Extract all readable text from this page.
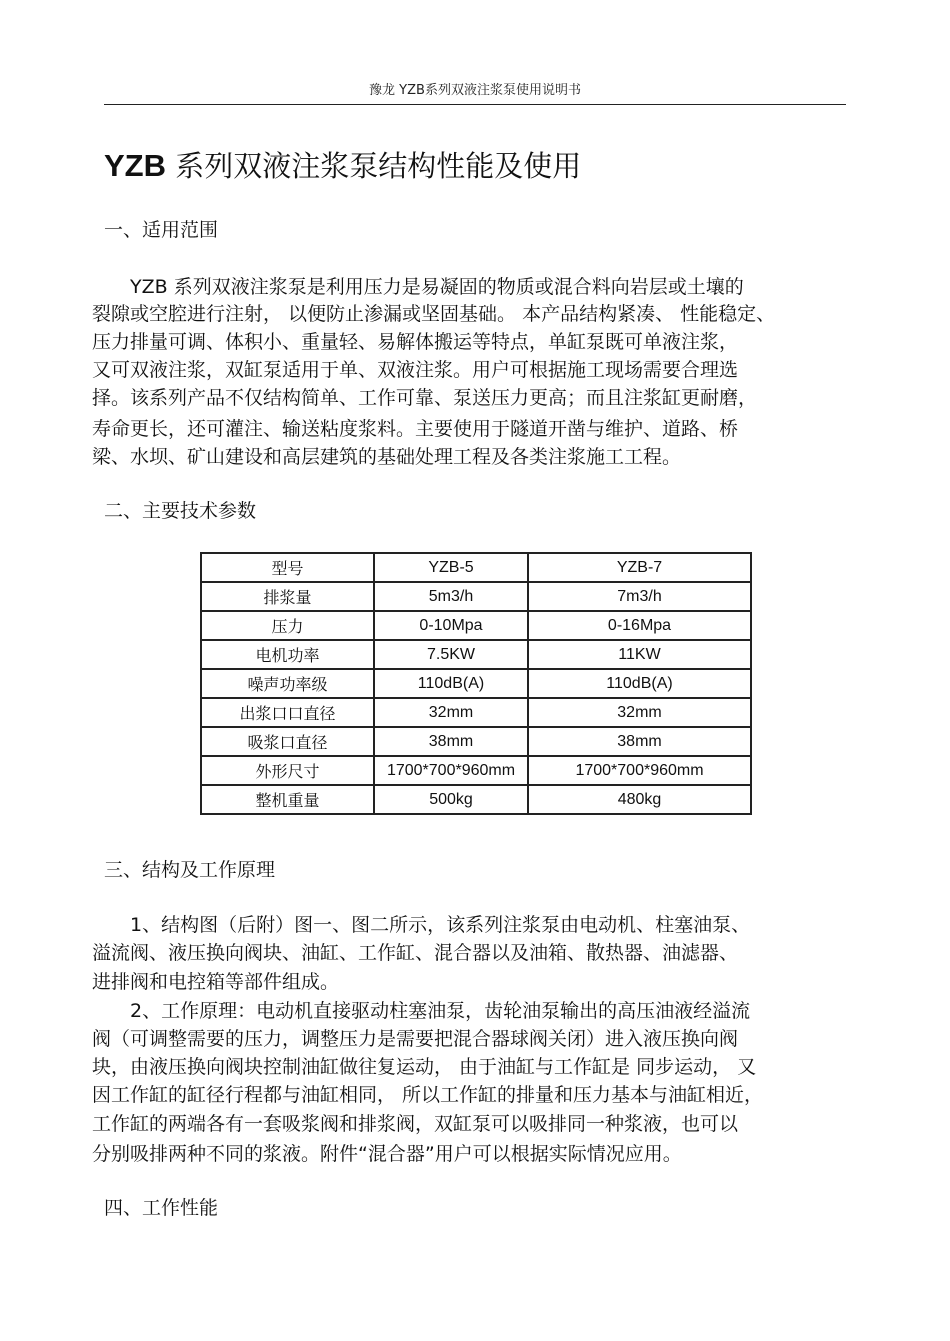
豫龙 YZB系列双液注浆泵使用说明书
YZB 系列双液注浆泵结构性能及使用
一、适用范围
YZB 系列双液注浆泵是利用压力是易凝固的物质或混合料向岩层或土壤的
裂隙或空腔进行注射， 以便防止渗漏或坚固基础。 本产品结构紧凑、 性能稳定、
压力排量可调、体积小、重量轻、易解体搬运等特点，单缸泵既可单液注浆，
又可双液注浆，双缸泵适用于单、双液注浆。用户可根据施工现场需要合理选
择。该系列产品不仅结构简单、工作可靠、泵送压力更高；而且注浆缸更耐磨，
寿命更长，还可灌注、输送粘度浆料。主要使用于隧道开凿与维护、道路、桥
梁、水坝、矿山建设和高层建筑的基础处理工程及各类注浆施工工程。
二、主要技术参数
型号	YZB-5	YZB-7
排浆量	5m3/h	7m3/h
压力	0-10Mpa	0-16Mpa
电机功率	7.5KW	11KW
噪声功率级	110dB(A)	110dB(A)
出浆口口直径	32mm	32mm
吸浆口直径	38mm	38mm
外形尺寸	1700*700*960mm	1700*700*960mm
整机重量	500kg	480kg
三、结构及工作原理
1、结构图（后附）图一、图二所示，该系列注浆泵由电动机、柱塞油泵、
溢流阀、液压换向阀块、油缸、工作缸、混合器以及油箱、散热器、油滤器、
进排阀和电控箱等部件组成。
2、工作原理：电动机直接驱动柱塞油泵，齿轮油泵输出的高压油液经溢流
阀（可调整需要的压力，调整压力是需要把混合器球阀关闭）进入液压换向阀
块，由液压换向阀块控制油缸做往复运动， 由于油缸与工作缸是 同步运动， 又
因工作缸的缸径行程都与油缸相同， 所以工作缸的排量和压力基本与油缸相近，
工作缸的两端各有一套吸浆阀和排浆阀，双缸泵可以吸排同一种浆液，也可以
分别吸排两种不同的浆液。附件“混合器”用户可以根据实际情况应用。
四、工作性能
